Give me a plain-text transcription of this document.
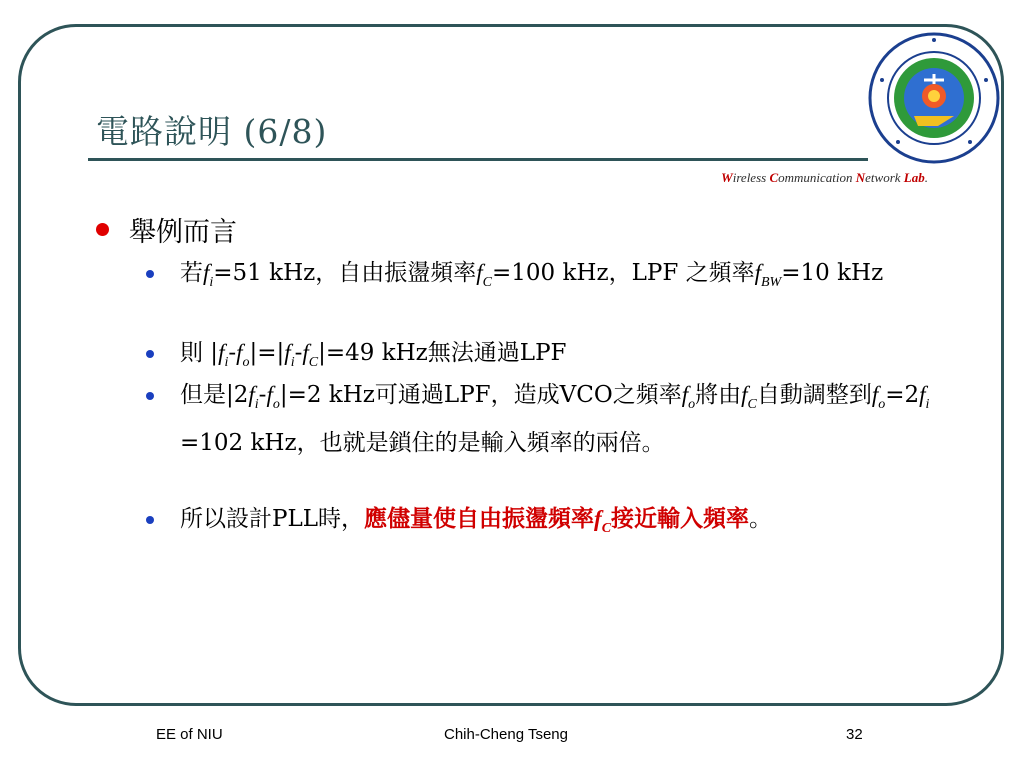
電路說明 (6/8)
Wireless Communication Network Lab.
舉例而言
若$f_i=51$ kHz，自由振盪頻率$f_C=100$ kHz，LPF 之頻率$f_{BW}=10$ kHz
則 $|f_i-f_o|=|f_i-f_C|=49$ kHz無法通過LPF
但是$|2f_i-f_o|=2$ kHz可通過LPF，造成VCO之頻率$f_o$將由$f_C$自動調整到$f_o=2f_i =102$ kHz，也就是鎖住的是輸入頻率的兩倍。
所以設計PLL時，應儘量使自由振盪頻率$f_C$接近輸入頻率。
EE of NIU	Chih-Cheng Tseng	32
